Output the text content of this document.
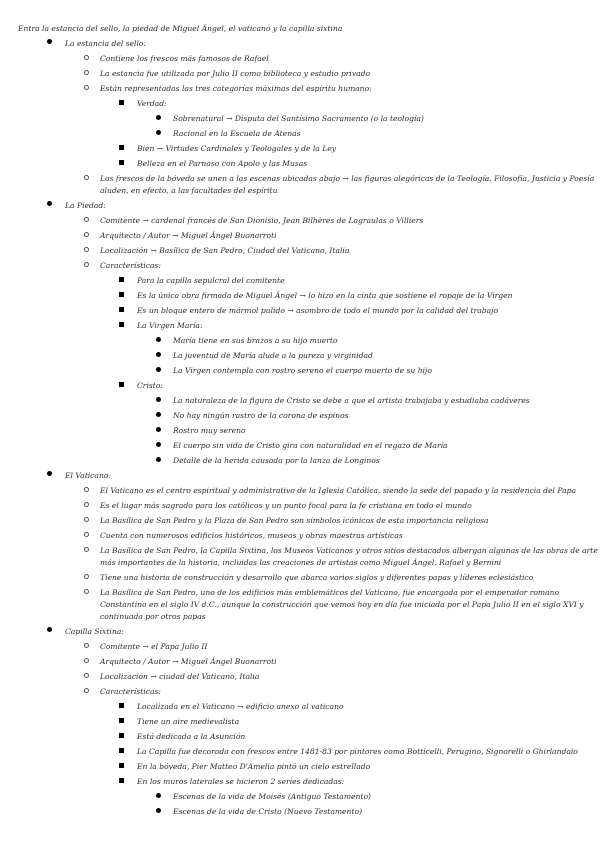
Entra la estancia del sello, la piedad de Miguel Ángel, el vaticano y la capilla sixtina
La estancia del sello:
Contiene los frescos más famosos de Rafael
La estancia fue utilizada por Julio II como biblioteca y estudio privado
Están representadas las tres categorías máximas del espíritu humano:
Verdad:
Sobrenatural → Disputa del Santísimo Sacramento (o la teología)
Racional en la Escuela de Atenas
Bien → Virtudes Cardinales y Teologales y de la Ley
Belleza en el Parnaso con Apolo y las Musas
Los frescos de la bóveda se unen a las escenas ubicadas abajo → las figuras alegóricas de la Teología, Filosofía, Justicia y Poesía aluden, en efecto, a las facultades del espíritu
La Piedad:
Comitente → cardenal francés de San Dionisio, Jean Bilhères de Lagraulas o Villiers
Arquitecto / Autor → Miguel Ángel Buonarroti
Localización → Basílica de San Pedro, Ciudad del Vaticano, Italia
Características:
Para la capilla sepulcral del comitente
Es la única obra firmada de Miguel Ángel → lo hizo en la cinta que sostiene el ropaje de la Virgen
Es un bloque entero de mármol pulido → asombro de todo el mundo por la calidad del trabajo
La Virgen María:
María tiene en sus brazos a su hijo muerto
La juventud de María alude a la pureza y virginidad
La Virgen contempla con rostro sereno el cuerpo muerto de su hijo
Cristo:
La naturaleza de la figura de Cristo se debe a que el artista trabajaba y estudiaba cadáveres
No hay ningún rastro de la corona de espinos
Rostro muy sereno
El cuerpo sin vida de Cristo gira con naturalidad en el regazo de María
Detalle de la herida causada por la lanza de Longinos
El Vaticano:
El Vaticano es el centro espiritual y administrativo de la Iglesia Católica, siendo la sede del papado y la residencia del Papa
Es el lugar más sagrado para los católicos y un punto focal para la fe cristiana en todo el mundo
La Basílica de San Pedro y la Plaza de San Pedro son símbolos icónicos de esta importancia religiosa
Cuenta con numerosos edificios históricos, museos y obras maestras artísticas
La Basílica de San Pedro, la Capilla Sixtina, los Museos Vaticanos y otros sitios destacados albergan algunas de las obras de arte más importantes de la historia, incluidas las creaciones de artistas como Miguel Ángel, Rafael y Bernini
Tiene una historia de construcción y desarrollo que abarca varios siglos y diferentes papas y líderes eclesiástico
La Basílica de San Pedro, uno de los edificios más emblemáticos del Vaticano, fue encargada por el emperador romano Constantino en el siglo IV d.C., aunque la construcción que vemos hoy en día fue iniciada por el Papa Julio II en el siglo XVI y continuada por otros papas
Capilla Sixtina:
Comitente → el Papa Julio II
Arquitecto / Autor → Miguel Ángel Buonarroti
Localización → ciudad del Vaticano, Italia
Características:
Localizada en el Vaticano → edificio anexo al vaticano
Tiene un aire medievalista
Está dedicada a la Asunción
La Capilla fue decorada con frescos entre 1481-83 por pintores como Botticelli, Perugino, Signorelli o Ghirlandaio
En la bóveda, Pier Matteo D'Amelia pintó un cielo estrellado
En los muros laterales se hicieron 2 series dedicadas:
Escenas de la vida de Moisés (Antiguo Testamento)
Escenas de la vida de Cristo (Nuevo Testamento)
